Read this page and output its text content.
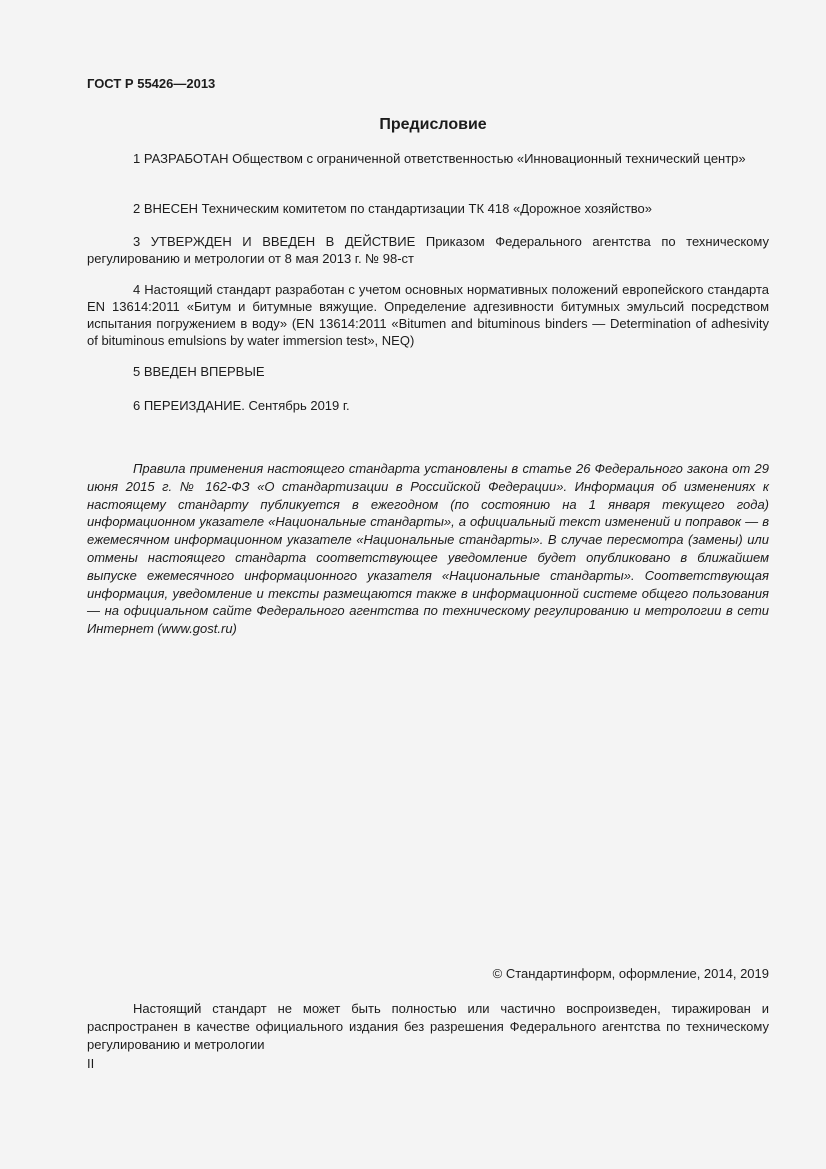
ГОСТ Р 55426—2013
Предисловие

1 РАЗРАБОТАН Обществом с ограниченной ответственностью «Инновационный технический центр»

2 ВНЕСЕН Техническим комитетом по стандартизации ТК 418 «Дорожное хозяйство»

3 УТВЕРЖДЕН И ВВЕДЕН В ДЕЙСТВИЕ Приказом Федерального агентства по техническому регулированию и метрологии от 8 мая 2013 г. № 98-ст

4 Настоящий стандарт разработан с учетом основных нормативных положений европейского стандарта EN 13614:2011 «Битум и битумные вяжущие. Определение адгезивности битумных эмульсий посредством испытания погружением в воду» (EN 13614:2011 «Bitumen and bituminous binders — Determination of adhesivity of bituminous emulsions by water immersion test», NEQ)

5 ВВЕДЕН ВПЕРВЫЕ

6 ПЕРЕИЗДАНИЕ. Сентябрь 2019 г.

Правила применения настоящего стандарта установлены в статье 26 Федерального закона от 29 июня 2015 г. № 162-ФЗ «О стандартизации в Российской Федерации». Информация об изменениях к настоящему стандарту публикуется в ежегодном (по состоянию на 1 января текущего года) информационном указателе «Национальные стандарты», а официальный текст изменений и поправок — в ежемесячном информационном указателе «Национальные стандарты». В случае пересмотра (замены) или отмены настоящего стандарта соответствующее уведомление будет опубликовано в ближайшем выпуске ежемесячного информационного указателя «Национальные стандарты». Соответствующая информация, уведомление и тексты размещаются также в информационной системе общего пользования — на официальном сайте Федерального агентства по техническому регулированию и метрологии в сети Интернет (www.gost.ru)

© Стандартинформ, оформление, 2014, 2019

Настоящий стандарт не может быть полностью или частично воспроизведен, тиражирован и распространен в качестве официального издания без разрешения Федерального агентства по техническому регулированию и метрологии

II
